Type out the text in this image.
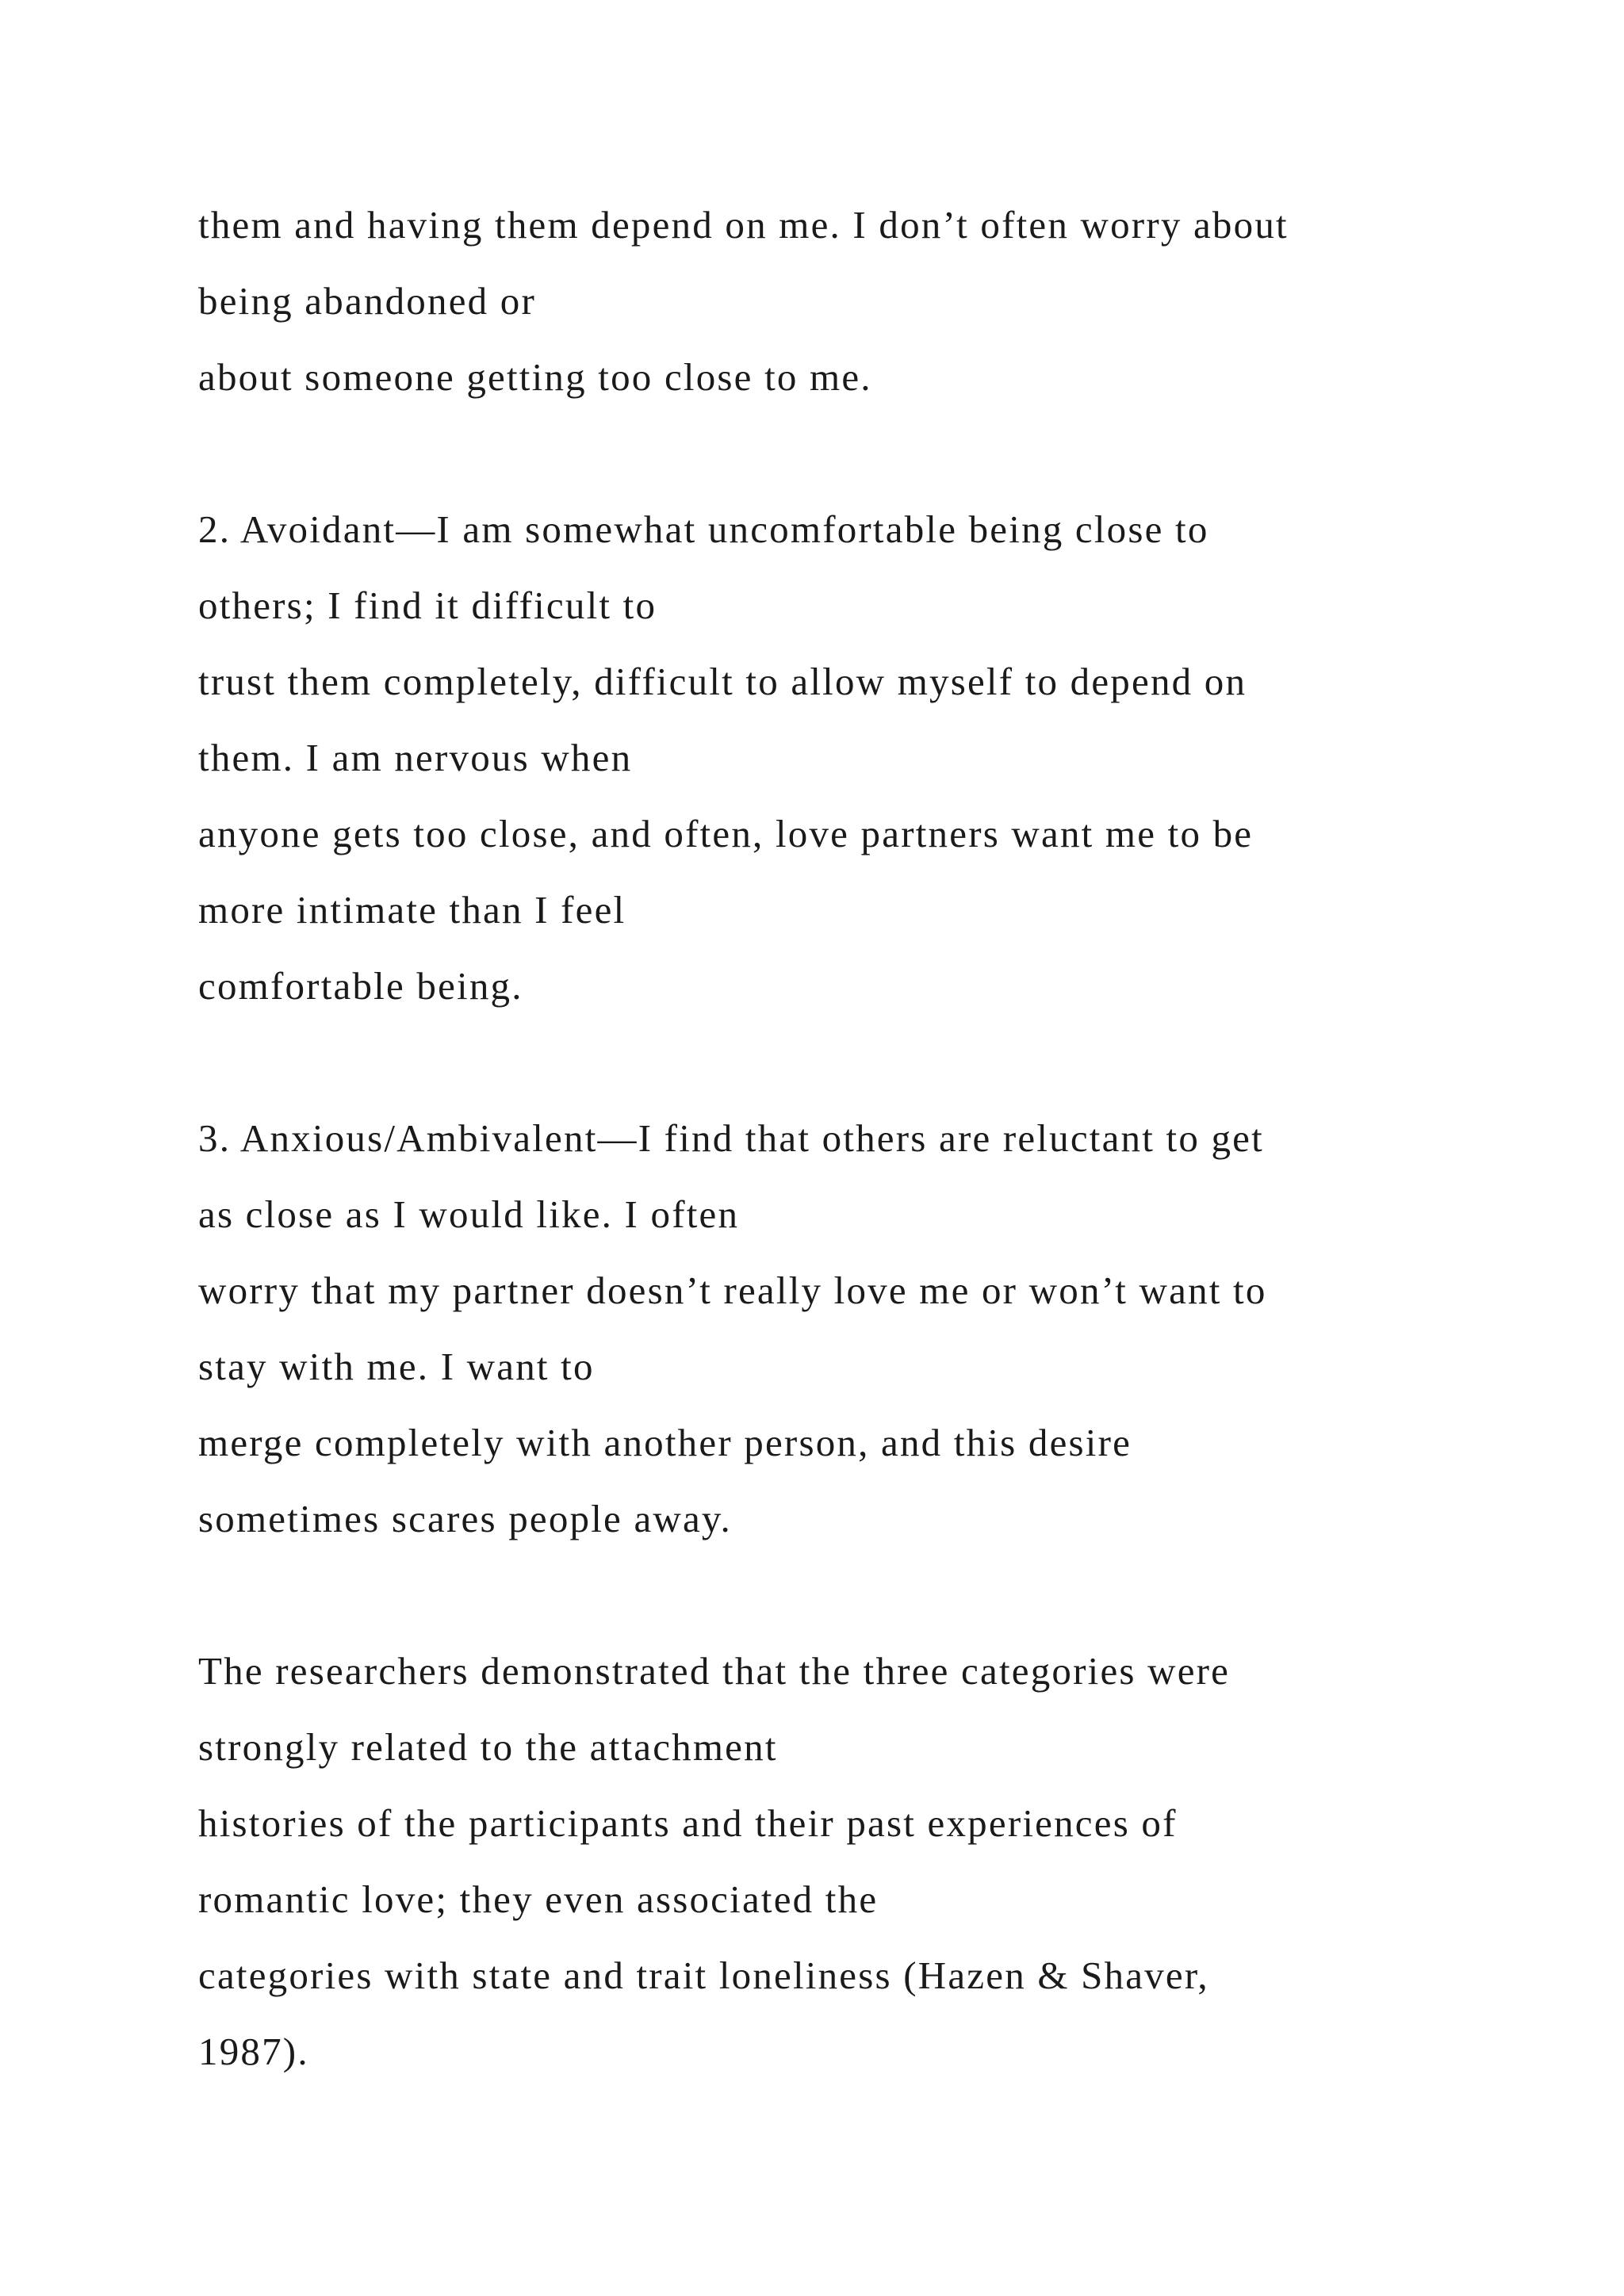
them and having them depend on me. I don’t often worry about
being abandoned or
about someone getting too close to me.
2. Avoidant—I am somewhat uncomfortable being close to
others; I find it difficult to
trust them completely, difficult to allow myself to depend on
them. I am nervous when
anyone gets too close, and often, love partners want me to be
more intimate than I feel
comfortable being.
3. Anxious/Ambivalent—I find that others are reluctant to get
as close as I would like. I often
worry that my partner doesn’t really love me or won’t want to
stay with me. I want to
merge completely with another person, and this desire
sometimes scares people away.
The researchers demonstrated that the three categories were
strongly related to the attachment
histories of the participants and their past experiences of
romantic love; they even associated the
categories with state and trait loneliness (Hazen & Shaver,
1987).
